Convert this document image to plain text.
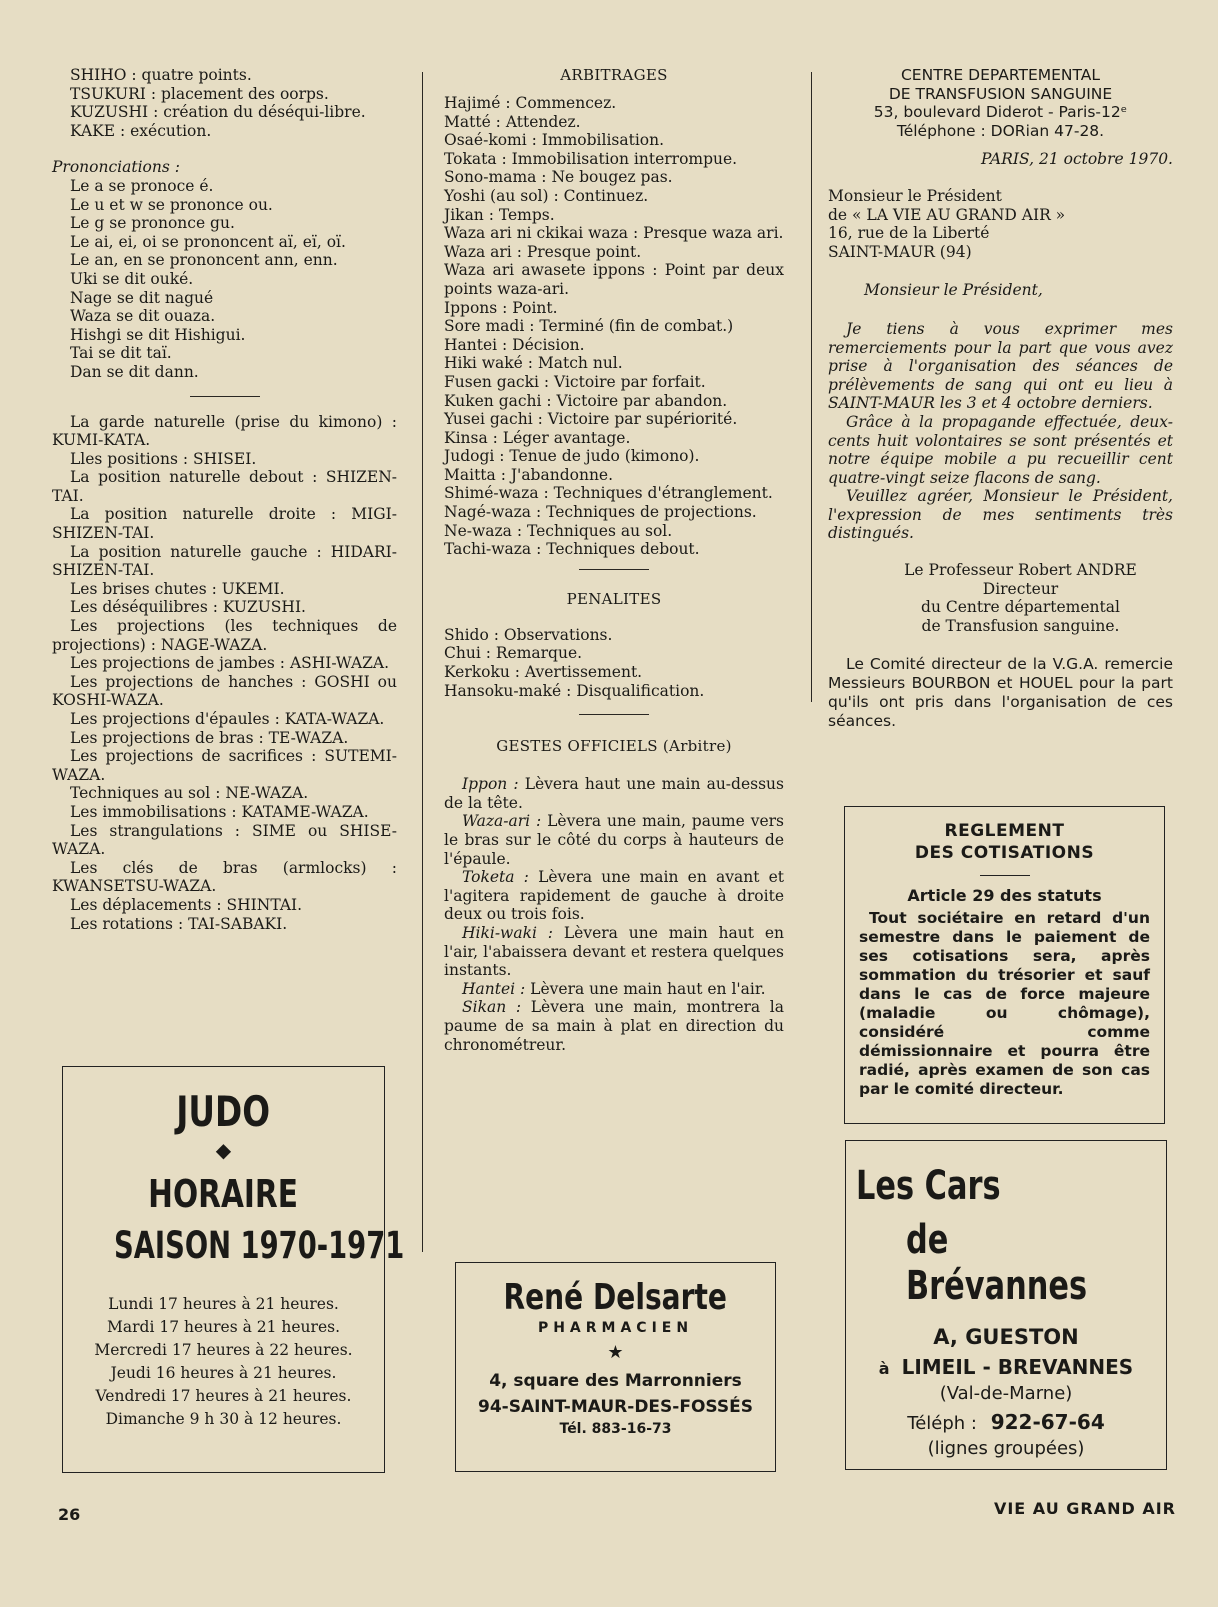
SHIHO : quatre points.

TSUKURI : placement des oorps.

KUZUSHI : création du déséqui-libre.

KAKE : exécution.

Prononciations :

Le a se pronoce é.

Le u et w se prononce ou.

Le g se prononce gu.

Le ai, ei, oi se prononcent aï, eï, oï.

Le an, en se prononcent ann, enn.

Uki se dit ouké.

Nage se dit nagué

Waza se dit ouaza.

Hishgi se dit Hishigui.

Tai se dit taï.

Dan se dit dann.

La garde naturelle (prise du kimono) : KUMI-KATA.

Lles positions : SHISEI.

La position naturelle debout : SHIZEN-TAI.

La position naturelle droite : MIGI-SHIZEN-TAI.

La position naturelle gauche : HIDARI-SHIZEN-TAI.

Les brises chutes : UKEMI.

Les déséquilibres : KUZUSHI.

Les projections (les techniques de projections) : NAGE-WAZA.

Les projections de jambes : ASHI-WAZA.

Les projections de hanches : GOSHI ou KOSHI-WAZA.

Les projections d'épaules : KATA-WAZA.

Les projections de bras : TE-WAZA.

Les projections de sacrifices : SUTEMI-WAZA.

Techniques au sol : NE-WAZA.

Les immobilisations : KATAME-WAZA.

Les strangulations : SIME ou SHISE-WAZA.

Les clés de bras (armlocks) : KWANSETSU-WAZA.

Les déplacements : SHINTAI.

Les rotations : TAI-SABAKI.

JUDO
◆
HORAIRE
SAISON 1970-1971

Lundi 17 heures à 21 heures.

Mardi 17 heures à 21 heures.

Mercredi 17 heures à 22 heures.

Jeudi 16 heures à 21 heures.

Vendredi 17 heures à 21 heures.

Dimanche 9 h 30 à 12 heures.

ARBITRAGES

Hajimé : Commencez.

Matté : Attendez.

Osaé-komi : Immobilisation.

Tokata : Immobilisation interrompue.

Sono-mama : Ne bougez pas.

Yoshi (au sol) : Continuez.

Jikan : Temps.

Waza ari ni ckikai waza : Presque waza ari.

Waza ari : Presque point.

Waza ari awasete ippons : Point par deux points waza-ari.

Ippons : Point.

Sore madi : Terminé (fin de combat.)

Hantei : Décision.

Hiki waké : Match nul.

Fusen gacki : Victoire par forfait.

Kuken gachi : Victoire par abandon.

Yusei gachi : Victoire par supériorité.

Kinsa : Léger avantage.

Judogi : Tenue de judo (kimono).

Maitta : J'abandonne.

Shimé-waza : Techniques d'étranglement.

Nagé-waza : Techniques de projections.

Ne-waza : Techniques au sol.

Tachi-waza : Techniques debout.

PENALITES

Shido : Observations.

Chui : Remarque.

Kerkoku : Avertissement.

Hansoku-maké : Disqualification.

GESTES OFFICIELS (Arbitre)

Ippon : Lèvera haut une main au-dessus de la tête.

Waza-ari : Lèvera une main, paume vers le bras sur le côté du corps à hauteurs de l'épaule.

Toketa : Lèvera une main en avant et l'agitera rapidement de gauche à droite deux ou trois fois.

Hiki-waki : Lèvera une main haut en l'air, l'abaissera devant et restera quelques instants.

Hantei : Lèvera une main haut en l'air.

Sikan : Lèvera une main, montrera la paume de sa main à plat en direction du chronométreur.

René Delsarte
PHARMACIEN
★
4, square des Marronniers
94-SAINT-MAUR-DES-FOSSÉS
Tél. 883-16-73

CENTRE DEPARTEMENTAL

DE TRANSFUSION SANGUINE

53, boulevard Diderot - Paris-12ᵉ

Téléphone : DORian 47-28.

PARIS, 21 octobre 1970.

Monsieur le Président

de « LA VIE AU GRAND AIR »

16, rue de la Liberté

SAINT-MAUR (94)

Monsieur le Président,

Je tiens à vous exprimer mes remerciements pour la part que vous avez prise à l'organisation des séances de prélèvements de sang qui ont eu lieu à SAINT-MAUR les 3 et 4 octobre derniers.

Grâce à la propagande effectuée, deux-cents huit volontaires se sont présentés et notre équipe mobile a pu recueillir cent quatre-vingt seize flacons de sang.

Veuillez agréer, Monsieur le Président, l'expression de mes sentiments très distingués.

Le Professeur Robert ANDRE

Directeur

du Centre départemental

de Transfusion sanguine.

Le Comité directeur de la V.G.A. remercie Messieurs BOURBON et HOUEL pour la part qu'ils ont pris dans l'organisation de ces séances.

REGLEMENT
DES COTISATIONS
Article 29 des statuts

Tout sociétaire en retard d'un semestre dans le paiement de ses cotisations sera, après sommation du trésorier et sauf dans le cas de force majeure (maladie ou chômage), considéré comme démissionnaire et pourra être radié, après examen de son cas par le comité directeur.

Les Cars
de Brévannes
A, GUESTON
à LIMEIL - BREVANNES
(Val-de-Marne)
Téléph : 922-67-64
(lignes groupées)
26	VIE AU GRAND AIR
